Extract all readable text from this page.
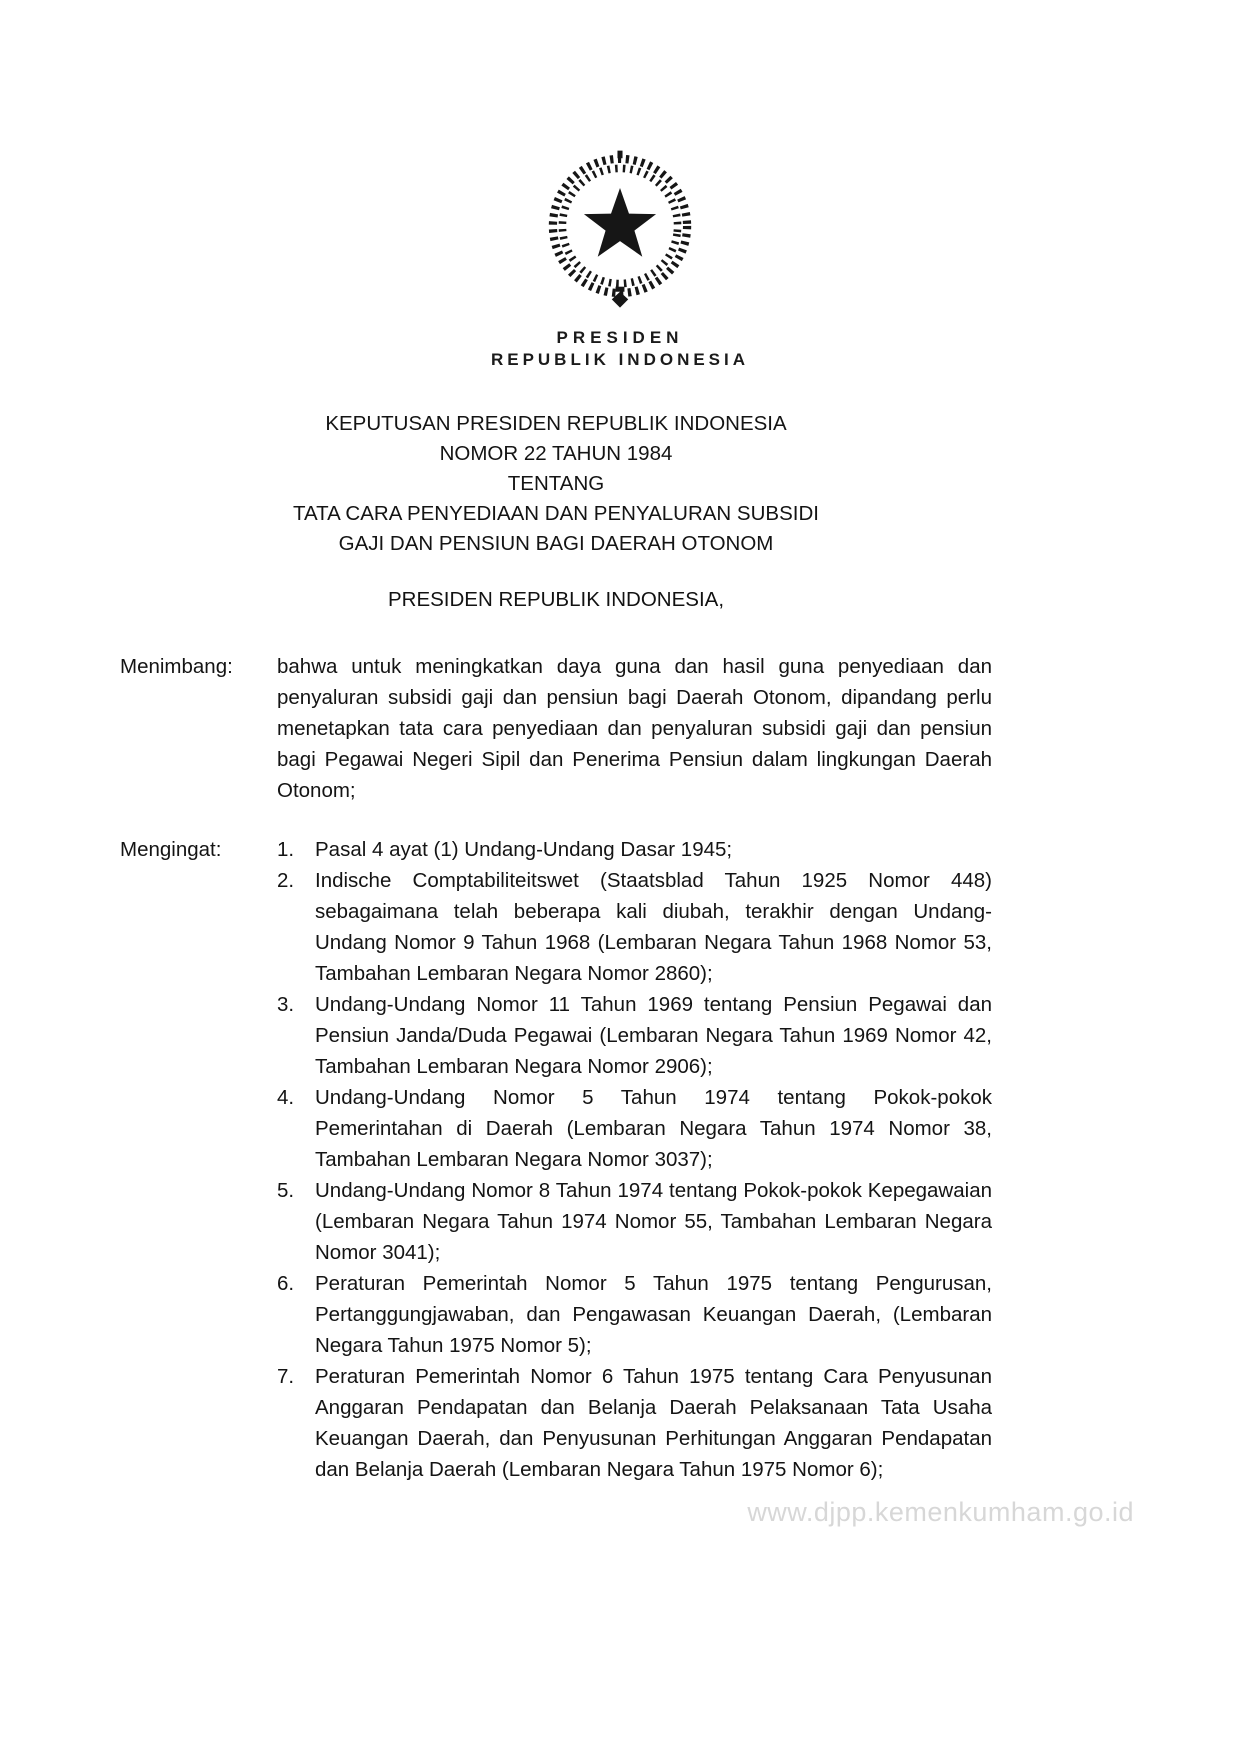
PRESIDEN
REPUBLIK INDONESIA
KEPUTUSAN PRESIDEN REPUBLIK INDONESIA
NOMOR 22 TAHUN 1984
TENTANG
TATA CARA PENYEDIAAN DAN PENYALURAN SUBSIDI
GAJI DAN PENSIUN BAGI DAERAH OTONOM
PRESIDEN REPUBLIK INDONESIA,
Menimbang:	bahwa untuk meningkatkan daya guna dan hasil guna penyediaan dan penyaluran subsidi gaji dan pensiun bagi Daerah Otonom, dipandang perlu menetapkan tata cara penyediaan dan penyaluran subsidi gaji dan pensiun bagi Pegawai Negeri Sipil dan Penerima Pensiun dalam lingkungan Daerah Otonom;
Mengingat:	1.	Pasal 4 ayat (1) Undang-Undang Dasar 1945;
2.	Indische Comptabiliteitswet (Staatsblad Tahun 1925 Nomor 448) sebagaimana telah beberapa kali diubah, terakhir dengan Undang-Undang Nomor 9 Tahun 1968 (Lembaran Negara Tahun 1968 Nomor 53, Tambahan Lembaran Negara Nomor 2860);
3.	Undang-Undang Nomor 11 Tahun 1969 tentang Pensiun Pegawai dan Pensiun Janda/Duda Pegawai (Lembaran Negara Tahun 1969 Nomor 42, Tambahan Lembaran Negara Nomor 2906);
4.	Undang-Undang Nomor 5 Tahun 1974 tentang Pokok-pokok Pemerintahan di Daerah (Lembaran Negara Tahun 1974 Nomor 38, Tambahan Lembaran Negara Nomor 3037);
5.	Undang-Undang Nomor 8 Tahun 1974 tentang Pokok-pokok Kepegawaian (Lembaran Negara Tahun 1974 Nomor 55, Tambahan Lembaran Negara Nomor 3041);
6.	Peraturan Pemerintah Nomor 5 Tahun 1975 tentang Pengurusan, Pertanggungjawaban, dan Pengawasan Keuangan Daerah, (Lembaran Negara Tahun 1975 Nomor 5);
7.	Peraturan Pemerintah Nomor 6 Tahun 1975 tentang Cara Penyusunan Anggaran Pendapatan dan Belanja Daerah Pelaksanaan Tata Usaha Keuangan Daerah, dan Penyusunan Perhitungan Anggaran Pendapatan dan Belanja Daerah (Lembaran Negara Tahun 1975 Nomor 6);
www.djpp.kemenkumham.go.id
